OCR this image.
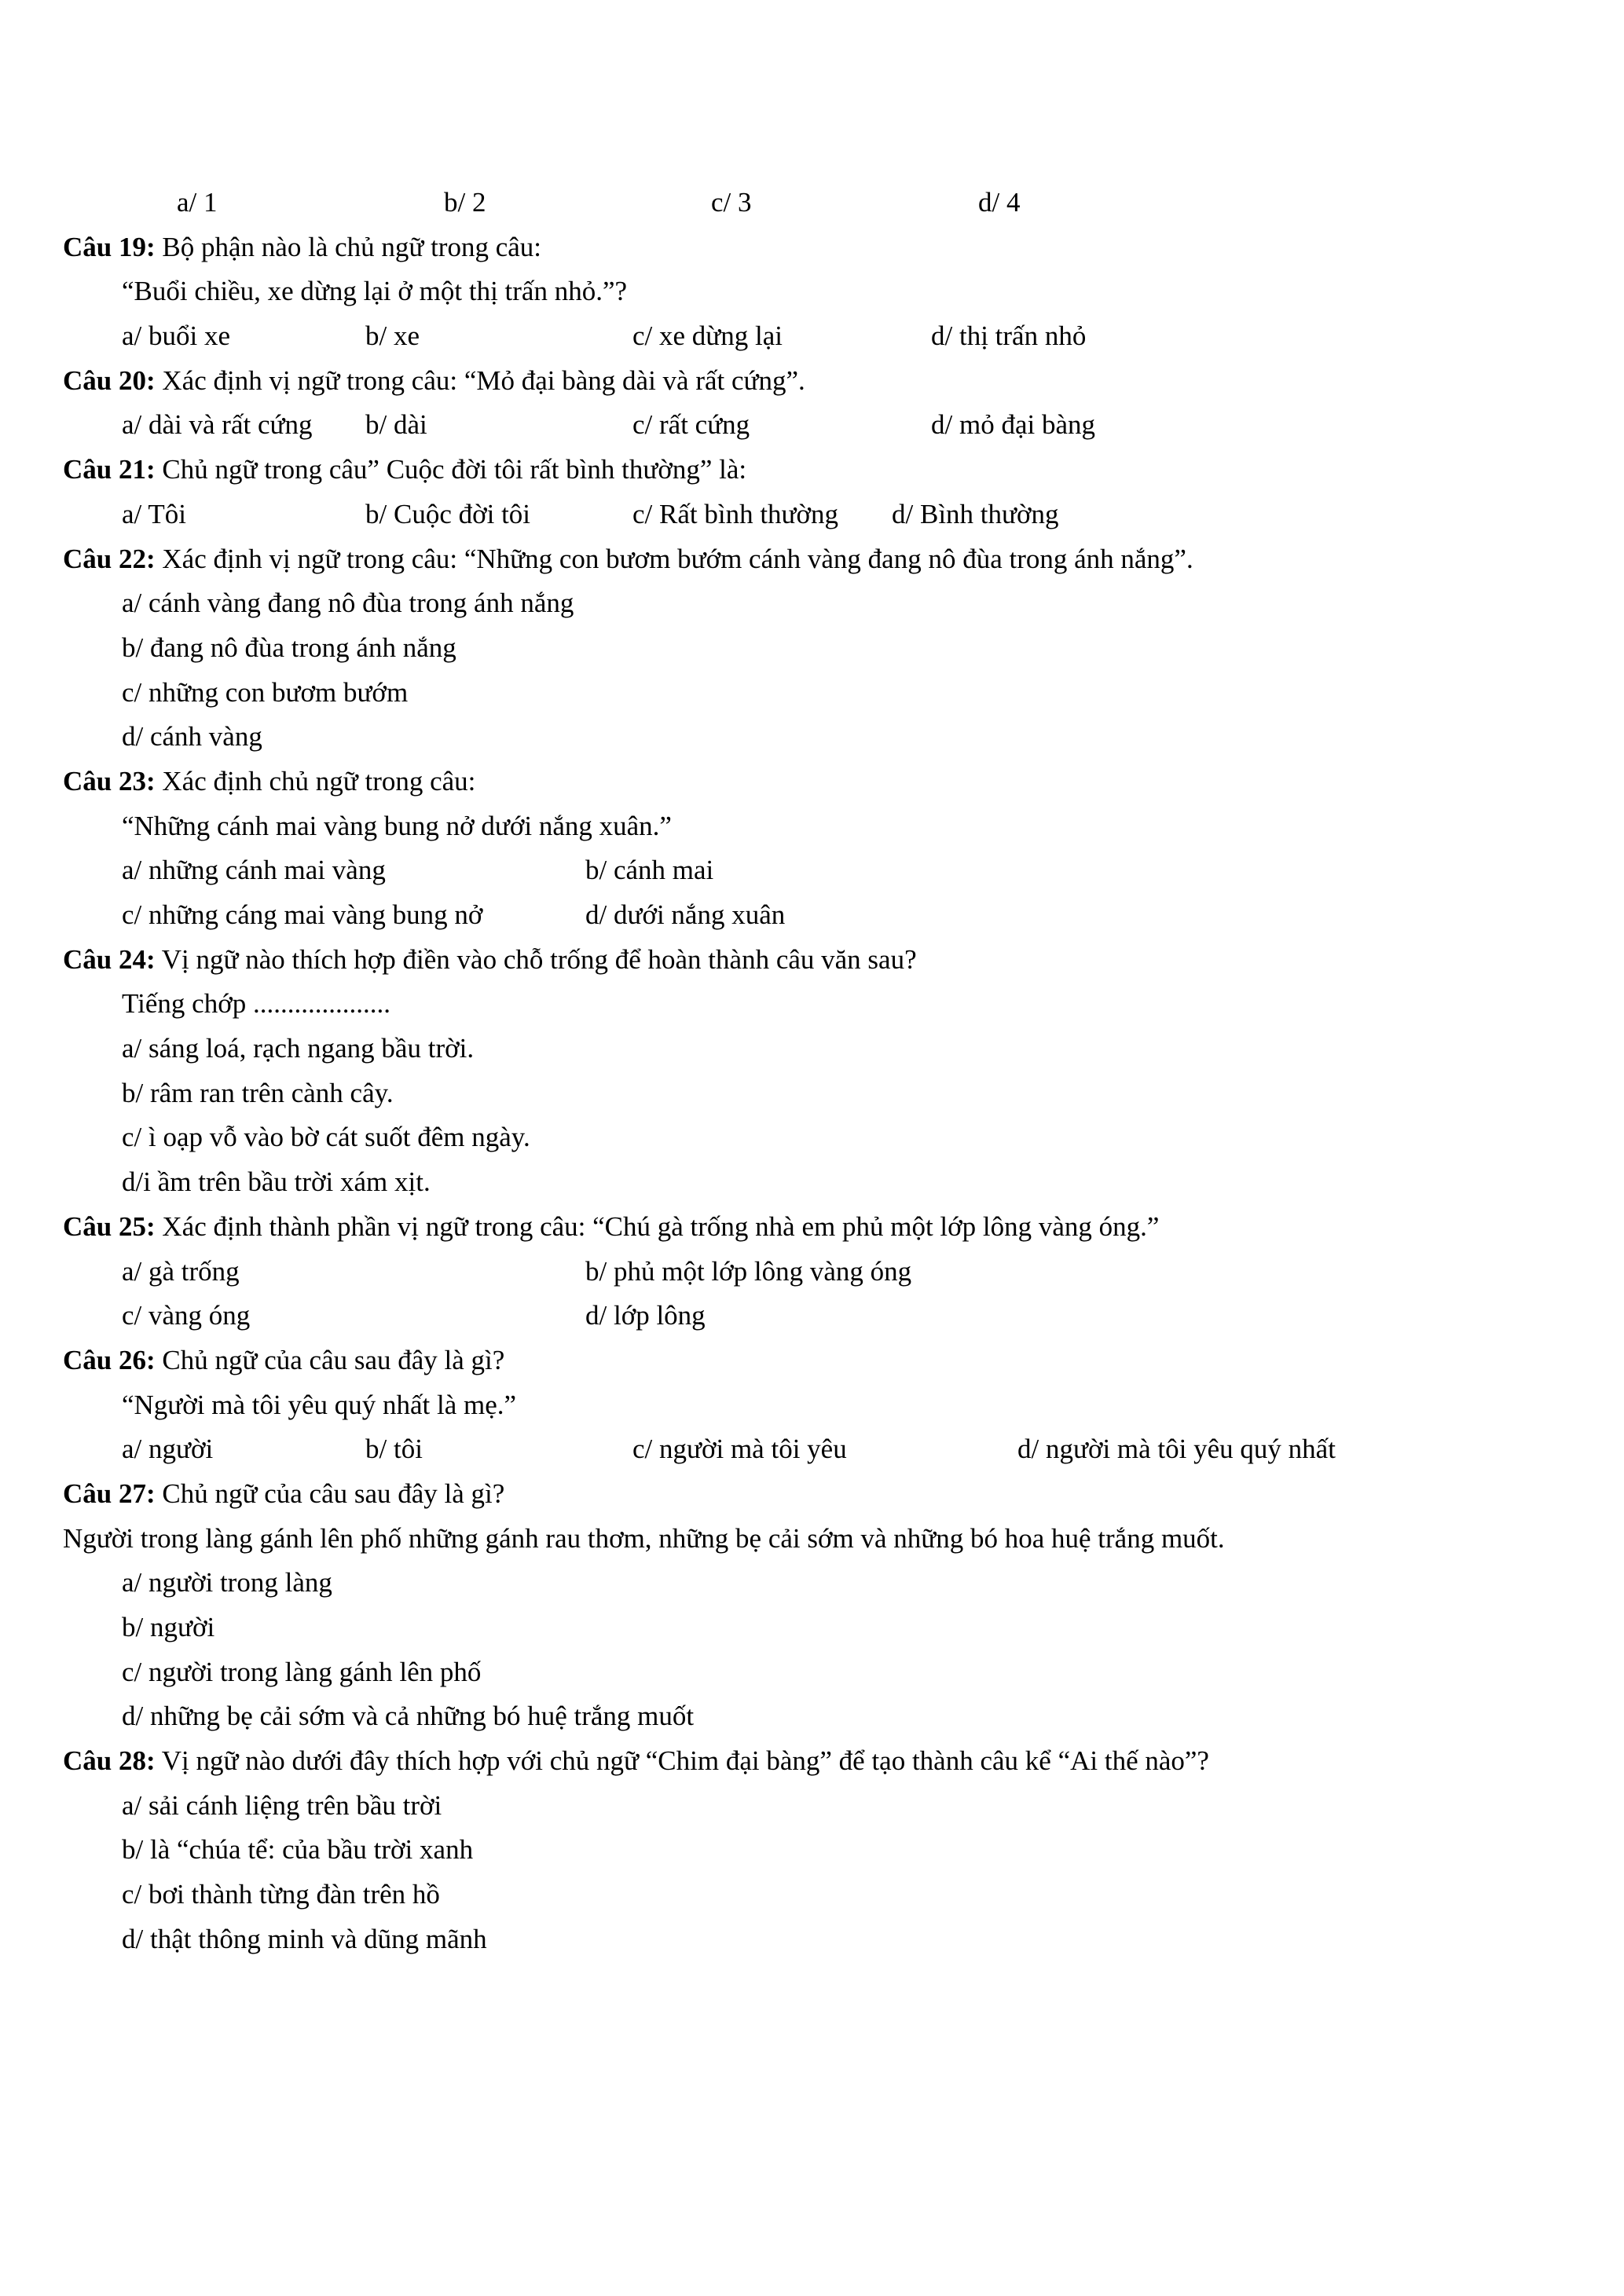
a/ 1	b/ 2	c/ 3	d/ 4
Câu 19: Bộ phận nào là chủ ngữ trong câu:
“Buổi chiều, xe dừng lại ở một thị trấn nhỏ.”?
a/ buổi xe	b/ xe	c/ xe dừng lại	d/ thị trấn nhỏ
Câu 20: Xác định vị ngữ trong câu: “Mỏ đại bàng dài và rất cứng”.
a/ dài và rất cứng b/ dài	c/ rất cứng	d/ mỏ đại bàng
Câu 21: Chủ ngữ trong câu” Cuộc đời tôi rất bình thường” là:
a/ Tôi	b/ Cuộc đời tôi	c/ Rất bình thường d/ Bình thường
Câu 22: Xác định vị ngữ trong câu: “Những con bươm bướm cánh vàng đang nô đùa trong ánh nắng”.
a/ cánh vàng đang nô đùa trong ánh nắng
b/ đang nô đùa trong ánh nắng
c/ những con bươm bướm
d/ cánh vàng
Câu 23: Xác định chủ ngữ trong câu:
“Những cánh mai vàng bung nở dưới nắng xuân.”
a/ những cánh mai vàng	b/ cánh mai
c/ những cáng mai vàng bung nở	d/ dưới nắng xuân
Câu 24: Vị ngữ nào thích hợp điền vào chỗ trống để hoàn thành câu văn sau?
Tiếng chớp ....................
a/ sáng loá, rạch ngang bầu trời.
b/ râm ran trên cành cây.
c/ ì oạp vỗ vào bờ cát suốt đêm ngày.
d/i ầm trên bầu trời xám xịt.
Câu 25: Xác định thành phần vị ngữ trong câu: “Chú gà trống nhà em phủ một lớp lông vàng óng.”
a/ gà trống	b/ phủ một lớp lông vàng óng
c/ vàng óng	d/ lớp lông
Câu 26: Chủ ngữ của câu sau đây là gì?
“Người mà tôi yêu quý nhất là mẹ.”
a/ người	b/ tôi	c/ người mà tôi yêu	d/ người mà tôi yêu quý nhất
Câu 27: Chủ ngữ của câu sau đây là gì?
Người trong làng gánh lên phố những gánh rau thơm, những bẹ cải sớm và những bó hoa huệ trắng muốt.
a/ người trong làng
b/ người
c/ người trong làng gánh lên phố
d/ những bẹ cải sớm và cả những bó huệ trắng muốt
Câu 28: Vị ngữ nào dưới đây thích hợp với chủ ngữ “Chim đại bàng” để tạo thành câu kể “Ai thế nào”?
a/ sải cánh liệng trên bầu trời
b/ là “chúa tể: của bầu trời xanh
c/ bơi thành từng đàn trên hồ
d/ thật thông minh và dũng mãnh
